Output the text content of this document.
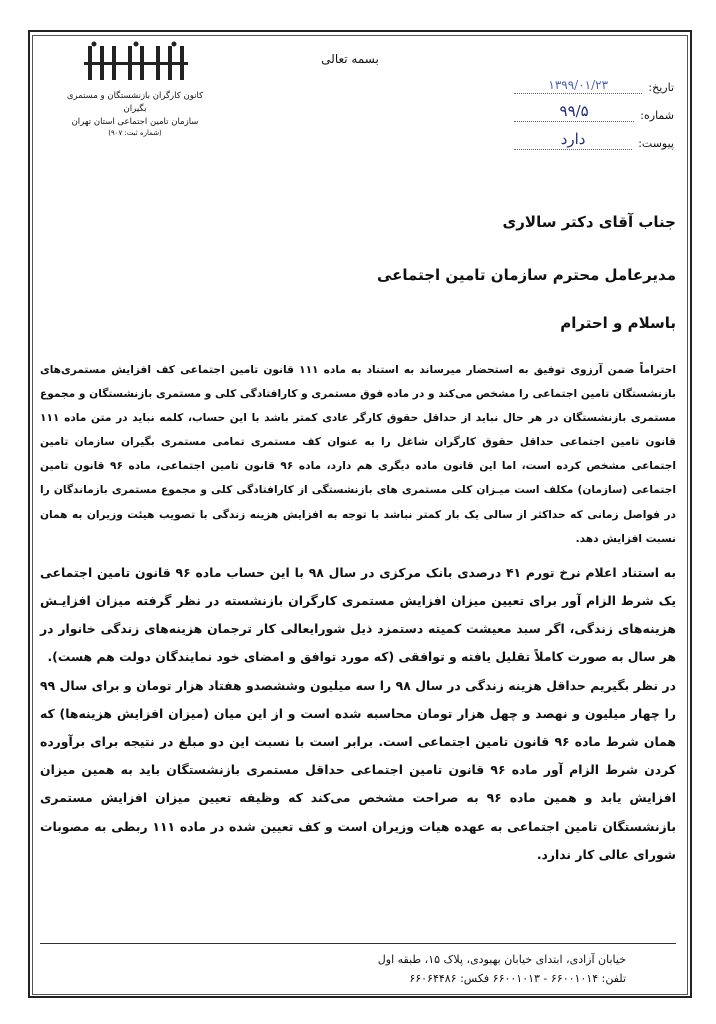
بسمه تعالی
کانون کارگران بازنشستگان و مستمری بگیران
سازمان تامین اجتماعی استان تهران
(شماره ثبت: ۹۰۷)
تاریخ:
۱۳۹۹/۰۱/۲۳
شماره:
۹۹/۵
پیوست:
دارد
جناب آقای دکتر سالاری
مدیرعامل محترم سازمان تامین اجتماعی
باسلام و احترام

احتراماً ضمن آرزوی توفیق به استحضار میرساند به استناد به ماده ۱۱۱ قانون تامین اجتماعی کف افزایش مستمری‌های بازنشستگان تامین اجتماعی را مشخص می‌کند و در ماده فوق مستمری و کارافتادگی کلی و مستمری بازنشستگان و مجموع مستمری بازنشستگان در هر حال نباید از حداقل حقوق کارگر عادی کمتر باشد با این حساب، کلمه نباید در متن ماده ۱۱۱ قانون تامین اجتماعی حداقل حقوق کارگران شاغل را به عنوان کف مستمری تمامی مستمری بگیران سازمان تامین اجتماعی مشخص کرده است، اما این قانون ماده دیگری هم دارد، ماده ۹۶ قانون تامین اجتماعی، ماده ۹۶ قانون تامین اجتماعی (سازمان) مکلف است میـزان کلی مستمری های بازنشستگی از کارافتادگی کلی و مجموع مستمری بازماندگان را در فواصل زمانی که حداکثر از سالی یک بار کمتر نباشد با توجه به افزایش هزینه زندگی با تصویب هیئت وزیران به همان نسبت افزایش دهد.

به استناد اعلام نرخ تورم ۴۱ درصدی بانک مرکزی در سال ۹۸ با این حساب ماده ۹۶ قانون تامین اجتماعی یک شرط الزام آور برای تعیین میزان افزایش مستمری کارگران بازنشسته در نظر گرفته میزان افزایـش هزینه‌های زندگی، اگر سبد معیشت کمیته دستمزد ذیل شورایعالی کار ترجمان هزینه‌های زندگی خانوار در هر سال به صورت کاملاً تقلیل یافته و توافقی (که مورد توافق و امضای خود نمایندگان دولت هم هست).

در نظر بگیریم حداقل هزینه زندگی در سال ۹۸ را سه میلیون وششصدو هفتاد هزار تومان و برای سال ۹۹ را چهار میلیون و نهصد و چهل هزار تومان محاسبه شده است و از این میان (میزان افزایش هزینه‌ها) که همان شرط ماده ۹۶ قانون تامین اجتماعی است. برابر است با نسبت این دو مبلغ در نتیجه برای برآورده کردن شرط الزام آور ماده ۹۶ قانون تامین اجتماعی حداقل مستمری بازنشستگان باید به همین میزان افزایش یابد و همین ماده ۹۶ به صراحت مشخص می‌کند که وظیفه تعیین میزان افزایش مستمری بازنشستگان تامین اجتماعی به عهده هیات وزیران است و کف تعیین شده در ماده ۱۱۱ ربطی به مصوبات شورای عالی کار ندارد.

خیابان آزادی، ابتدای خیابان بهبودی، پلاک ۱۵، طبقه اول
تلفن: ۶۶۰۰۱۰۱۴ - ۶۶۰۰۱۰۱۳ فکس: ۶۶۰۶۴۴۸۶
